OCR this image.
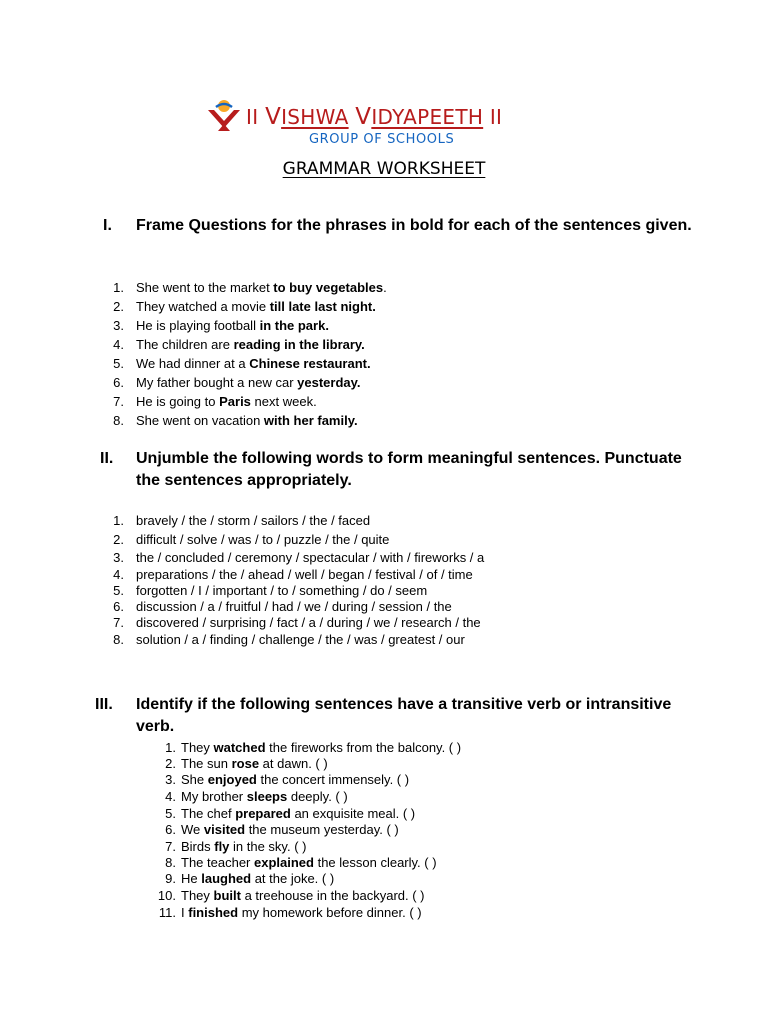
II VISHWA VIDYAPEETH II
GROUP OF SCHOOLS
GRAMMAR WORKSHEET
I. Frame Questions for the phrases in bold for each of the sentences given.
1. She went to the market to buy vegetables.
2. They watched a movie till late last night.
3. He is playing football in the park.
4. The children are reading in the library.
5. We had dinner at a Chinese restaurant.
6. My father bought a new car yesterday.
7. He is going to Paris next week.
8. She went on vacation with her family.
II. Unjumble the following words to form meaningful sentences. Punctuate the sentences appropriately.
1. bravely / the / storm / sailors / the / faced
2. difficult / solve / was / to / puzzle / the / quite
3. the / concluded / ceremony / spectacular / with / fireworks / a
4. preparations / the / ahead / well / began / festival / of / time
5. forgotten / I / important / to / something / do / seem
6. discussion / a / fruitful / had / we / during / session / the
7. discovered / surprising / fact / a / during / we / research / the
8. solution / a / finding / challenge / the / was / greatest / our
III. Identify if the following sentences have a transitive verb or intransitive verb.
1. They watched the fireworks from the balcony. ( )
2. The sun rose at dawn. ( )
3. She enjoyed the concert immensely. ( )
4. My brother sleeps deeply. ( )
5. The chef prepared an exquisite meal. ( )
6. We visited the museum yesterday. ( )
7. Birds fly in the sky. ( )
8. The teacher explained the lesson clearly. ( )
9. He laughed at the joke. ( )
10. They built a treehouse in the backyard. ( )
11. I finished my homework before dinner. ( )
